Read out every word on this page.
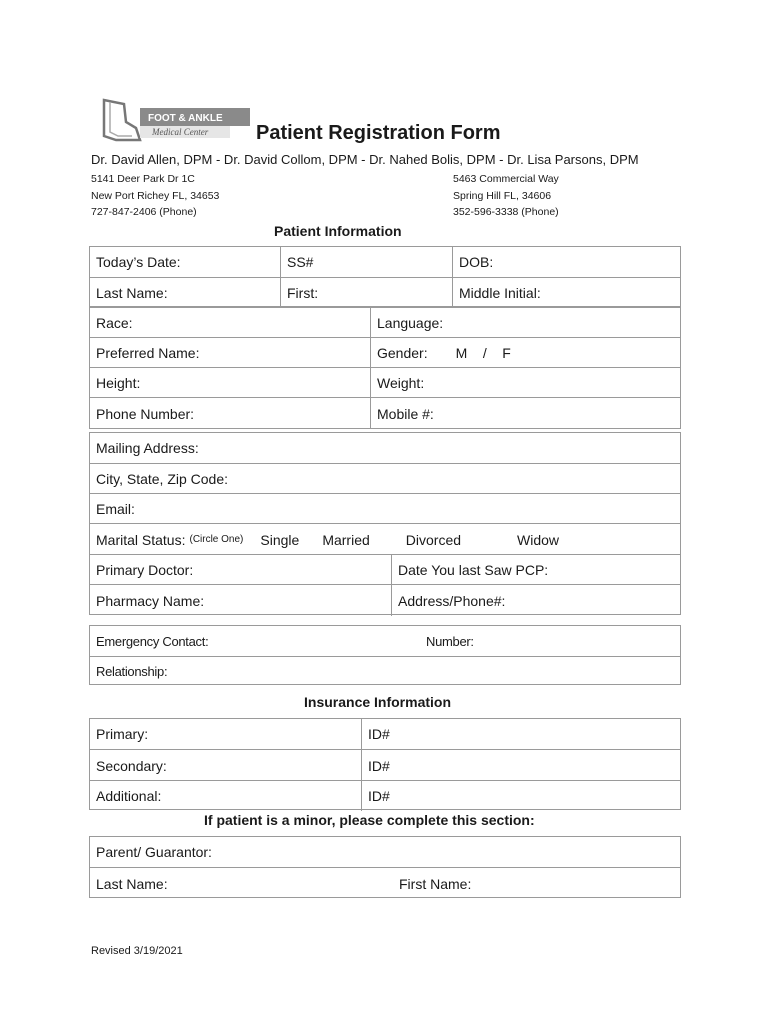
FOOT & ANKLE
Medical Center Patient Registration Form
Dr. David Allen, DPM - Dr. David Collom, DPM - Dr. Nahed Bolis, DPM - Dr. Lisa Parsons, DPM
5141 Deer Park Dr 1C
New Port Richey FL, 34653
727-847-2406 (Phone)
5463 Commercial Way
Spring Hill FL, 34606
352-596-3338 (Phone)
Patient Information
Today’s Date:	SS#	DOB:
Last Name:	First:	Middle Initial:
Race:	Language:
Preferred Name:	Gender: M    /    F
Height:	Weight:
Phone Number:	Mobile #:
Mailing Address:
City, State, Zip Code:
Email:
Marital Status: (Circle One) Single Married	Divorced	Widow
Primary Doctor:	Date You last Saw PCP:
Pharmacy Name:	Address/Phone#:
Emergency Contact:	Number:
Relationship:
Insurance Information
Primary:	ID#
Secondary:	ID#
Additional:	ID#
If patient is a minor, please complete this section:
Parent/ Guarantor:
Last Name:	First Name:
Revised 3/19/2021
